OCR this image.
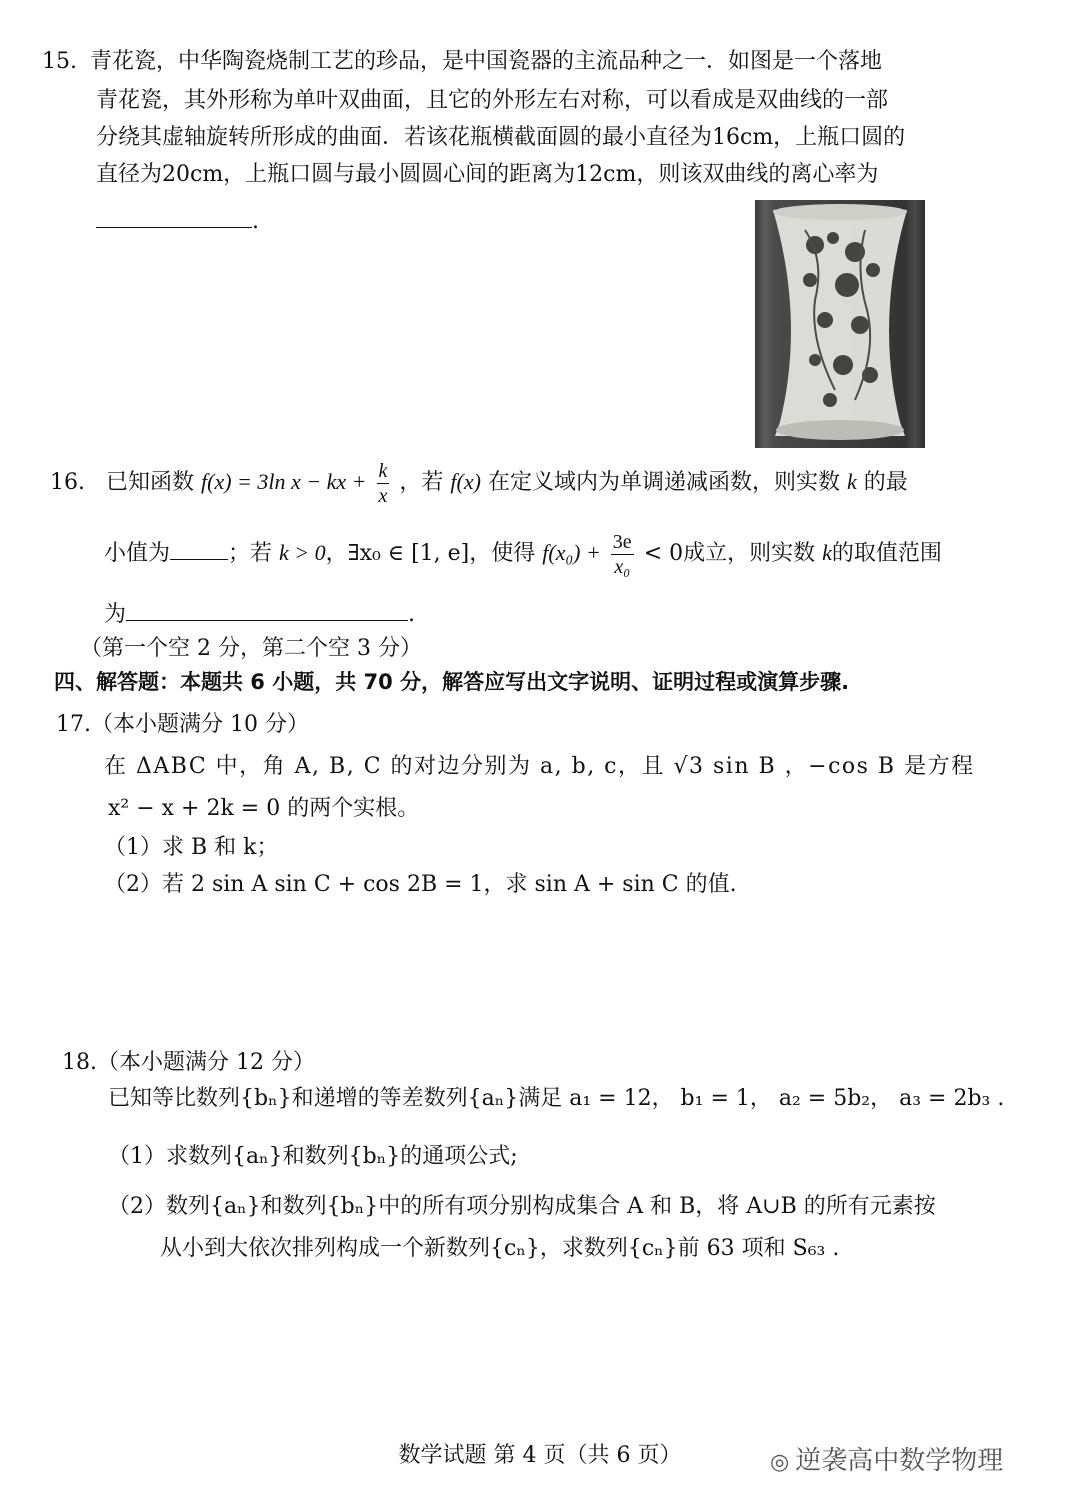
15. 青花瓷，中华陶瓷烧制工艺的珍品，是中国瓷器的主流品种之一．如图是一个落地
青花瓷，其外形称为单叶双曲面，且它的外形左右对称，可以看成是双曲线的一部
分绕其虚轴旋转所形成的曲面．若该花瓶横截面圆的最小直径为16cm，上瓶口圆的
直径为20cm，上瓶口圆与最小圆圆心间的距离为12cm，则该双曲线的离心率为
.
16. 已知函数 f(x) = 3ln x − kx + $\frac{k}{x}$ ，若 f(x) 在定义域内为单调递减函数，则实数 k 的最
小值为	；若 k > 0，∃x₀ ∈ [1, e]，使得 $f(x_0) + \frac{3e}{\text{x₀}} < 0$成立，则实数 k的取值范围
为	.
（第一个空 2 分，第二个空 3 分）
四、解答题：本题共 6 小题，共 70 分，解答应写出文字说明、证明过程或演算步骤.
17.（本小题满分 10 分）
在 ΔABC 中，角 A, B, C 的对边分别为 a, b, c，且 √3 sin B ，−cos B 是方程
x² − x + 2k = 0 的两个实根。
（1）求 B 和 k；
（2）若 2 sin A sin C + cos 2B = 1，求 sin A + sin C 的值.
18.（本小题满分 12 分）
已知等比数列{bₙ}和递增的等差数列{aₙ}满足 a₁ = 12， b₁ = 1， a₂ = 5b₂， a₃ = 2b₃ .
（1）求数列{aₙ}和数列{bₙ}的通项公式;
（2）数列{aₙ}和数列{bₙ}中的所有项分别构成集合 A 和 B，将 A∪B 的所有元素按
从小到大依次排列构成一个新数列{cₙ}，求数列{cₙ}前 63 项和 S₆₃ .
数学试题 第 4 页（共 6 页）	◎ 逆袭高中数学物理
